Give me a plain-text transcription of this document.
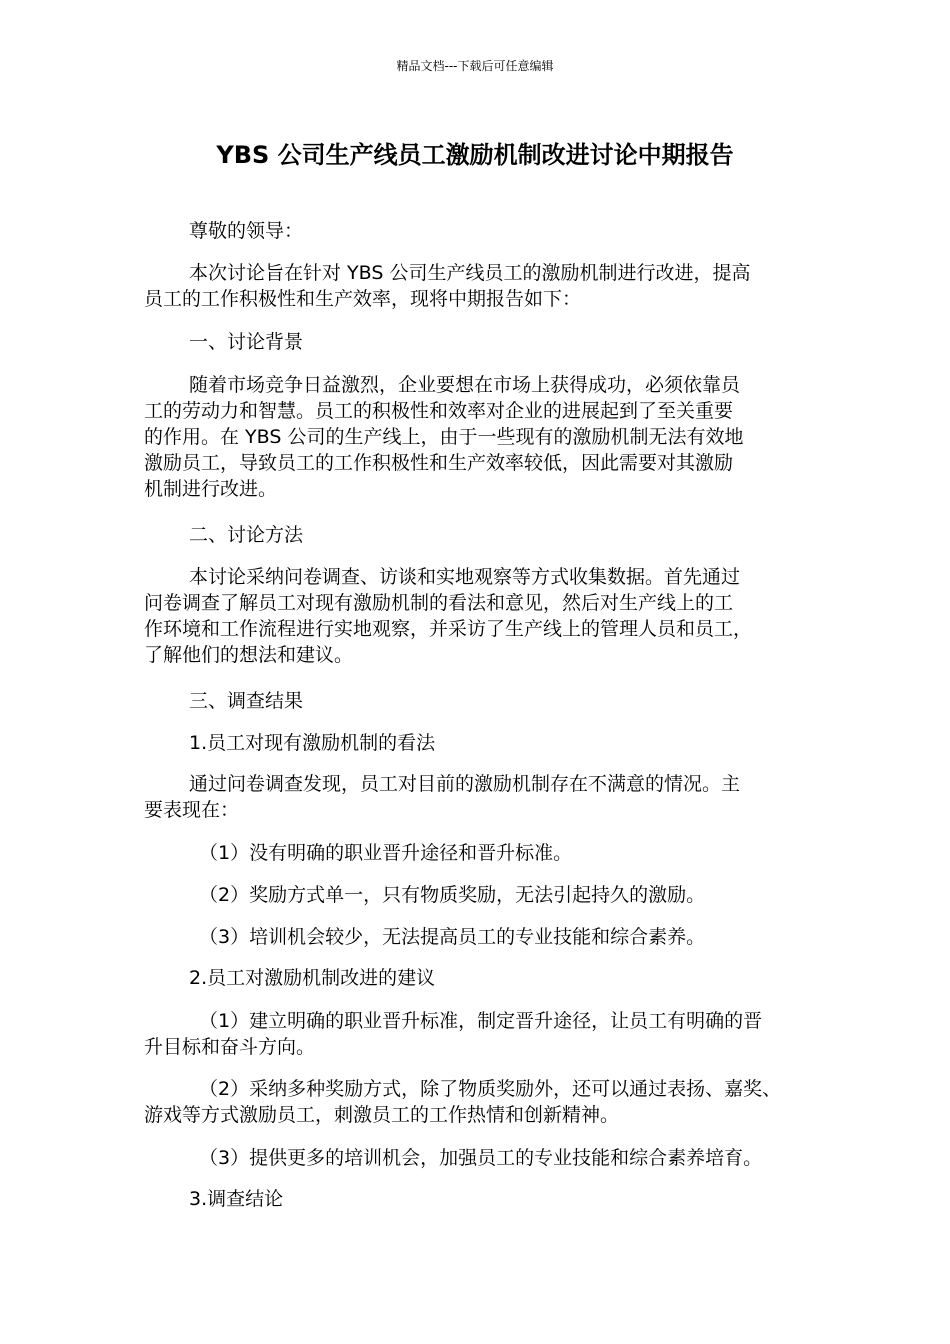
精品文档---下载后可任意编辑
YBS 公司生产线员工激励机制改进讨论中期报告

尊敬的领导：

本次讨论旨在针对 YBS 公司生产线员工的激励机制进行改进，提高
员工的工作积极性和生产效率，现将中期报告如下：

一、讨论背景

随着市场竞争日益激烈，企业要想在市场上获得成功，必须依靠员
工的劳动力和智慧。员工的积极性和效率对企业的进展起到了至关重要
的作用。在 YBS 公司的生产线上，由于一些现有的激励机制无法有效地
激励员工，导致员工的工作积极性和生产效率较低，因此需要对其激励
机制进行改进。

二、讨论方法

本讨论采纳问卷调查、访谈和实地观察等方式收集数据。首先通过
问卷调查了解员工对现有激励机制的看法和意见，然后对生产线上的工
作环境和工作流程进行实地观察，并采访了生产线上的管理人员和员工，
了解他们的想法和建议。

三、调查结果

1.员工对现有激励机制的看法

通过问卷调查发现，员工对目前的激励机制存在不满意的情况。主
要表现在：

（1）没有明确的职业晋升途径和晋升标准。

（2）奖励方式单一，只有物质奖励，无法引起持久的激励。

（3）培训机会较少，无法提高员工的专业技能和综合素养。

2.员工对激励机制改进的建议

（1）建立明确的职业晋升标准，制定晋升途径，让员工有明确的晋
升目标和奋斗方向。

（2）采纳多种奖励方式，除了物质奖励外，还可以通过表扬、嘉奖、
游戏等方式激励员工，刺激员工的工作热情和创新精神。

（3）提供更多的培训机会，加强员工的专业技能和综合素养培育。

3.调查结论
